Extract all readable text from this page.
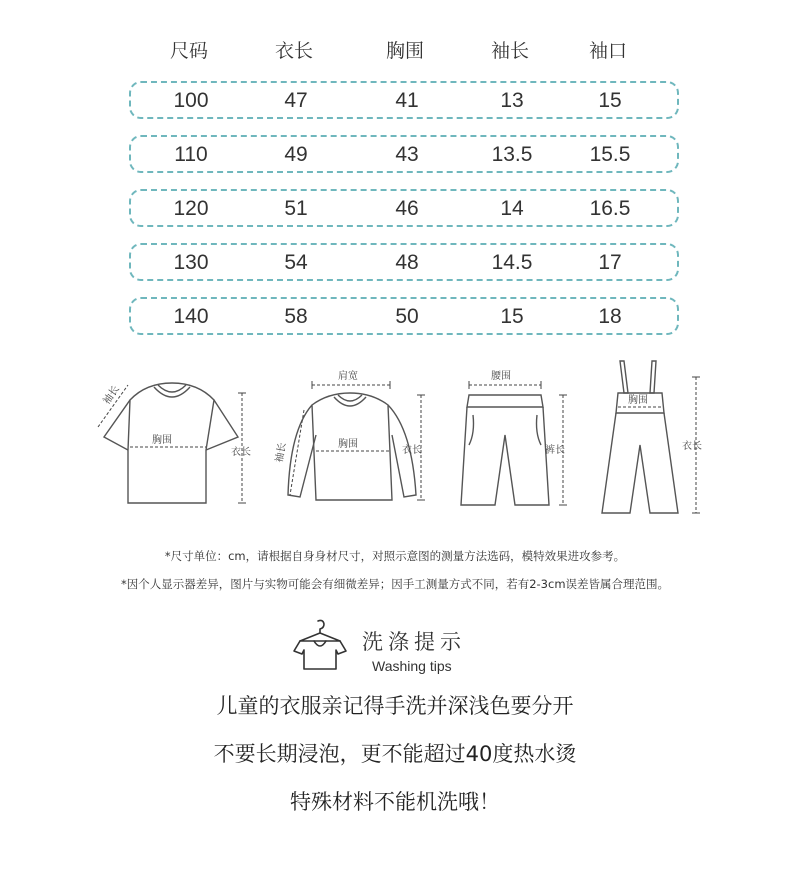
尺码	衣长	胸围	袖长	袖口
100	47	41	13	15
110	49	43	13.5	15.5
120	51	46	14	16.5
130	54	48	14.5	17
140	58	50	15	18
袖长
胸围
衣长
肩宽
袖长	胸围
衣长
腰围
裤长
胸围
衣长
*尺寸单位：cm，请根据自身身材尺寸，对照示意图的测量方法选码，模特效果进攻参考。
*因个人显示器差异，图片与实物可能会有细微差异；因手工测量方式不同，若有2-3cm误差皆属合理范围。
洗涤提示
Washing tips
儿童的衣服亲记得手洗并深浅色要分开
不要长期浸泡，更不能超过40度热水烫
特殊材料不能机洗哦！
